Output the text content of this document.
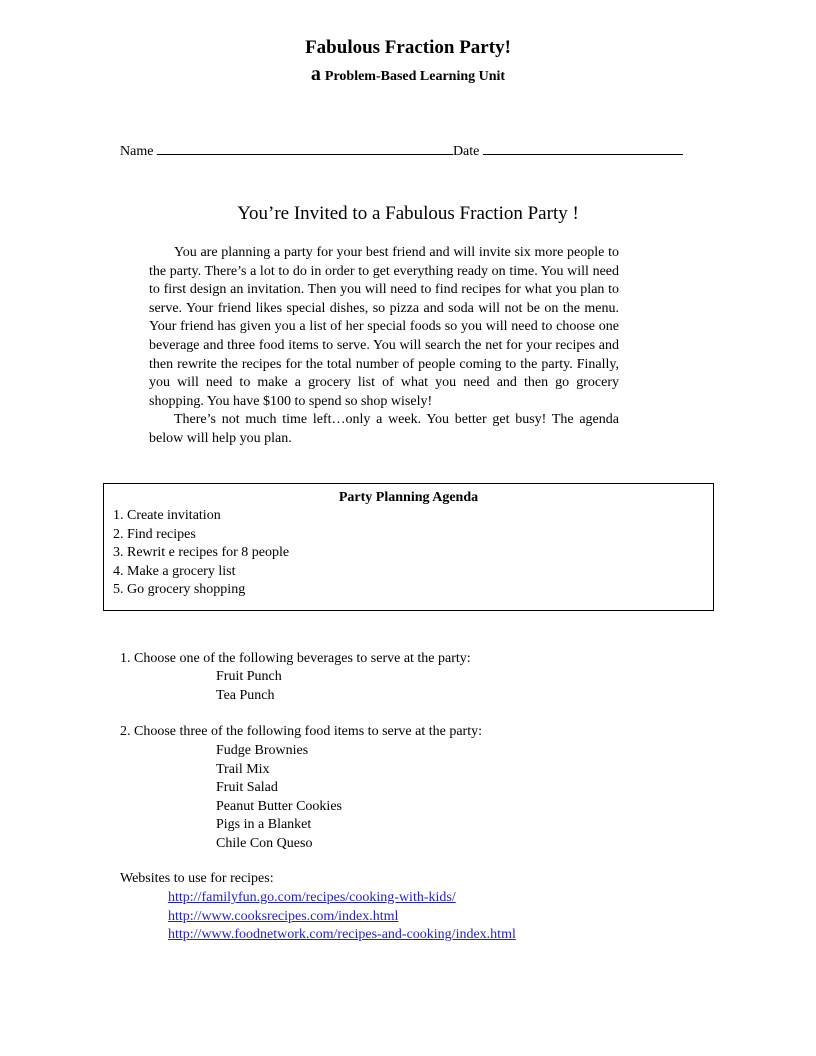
Fabulous Fraction Party!
a Problem-Based Learning Unit
Name	Date
You’re Invited to a Fabulous Fraction Party !

You are planning a party for your best friend and will invite six more people to the party. There’s a lot to do in order to get everything ready on time. You will need to first design an invitation. Then you will need to find recipes for what you plan to serve. Your friend likes special dishes, so pizza and soda will not be on the menu. Your friend has given you a list of her special foods so you will need to choose one beverage and three food items to serve. You will search the net for your recipes and then rewrite the recipes for the total number of people coming to the party. Finally, you will need to make a grocery list of what you need and then go grocery shopping. You have $100 to spend so shop wisely!

There’s not much time left…only a week. You better get busy! The agenda below will help you plan.

Party Planning Agenda
1. Create invitation
2. Find recipes
3. Rewrit e recipes for 8 people
4. Make a grocery list
5. Go grocery shopping
1. Choose one of the following beverages to serve at the party:
Fruit Punch
Tea Punch
2. Choose three of the following food items to serve at the party:
Fudge Brownies
Trail Mix
Fruit Salad
Peanut Butter Cookies
Pigs in a Blanket
Chile Con Queso
Websites to use for recipes:
http://familyfun.go.com/recipes/cooking-with-kids/
http://www.cooksrecipes.com/index.html
http://www.foodnetwork.com/recipes-and-cooking/index.html
